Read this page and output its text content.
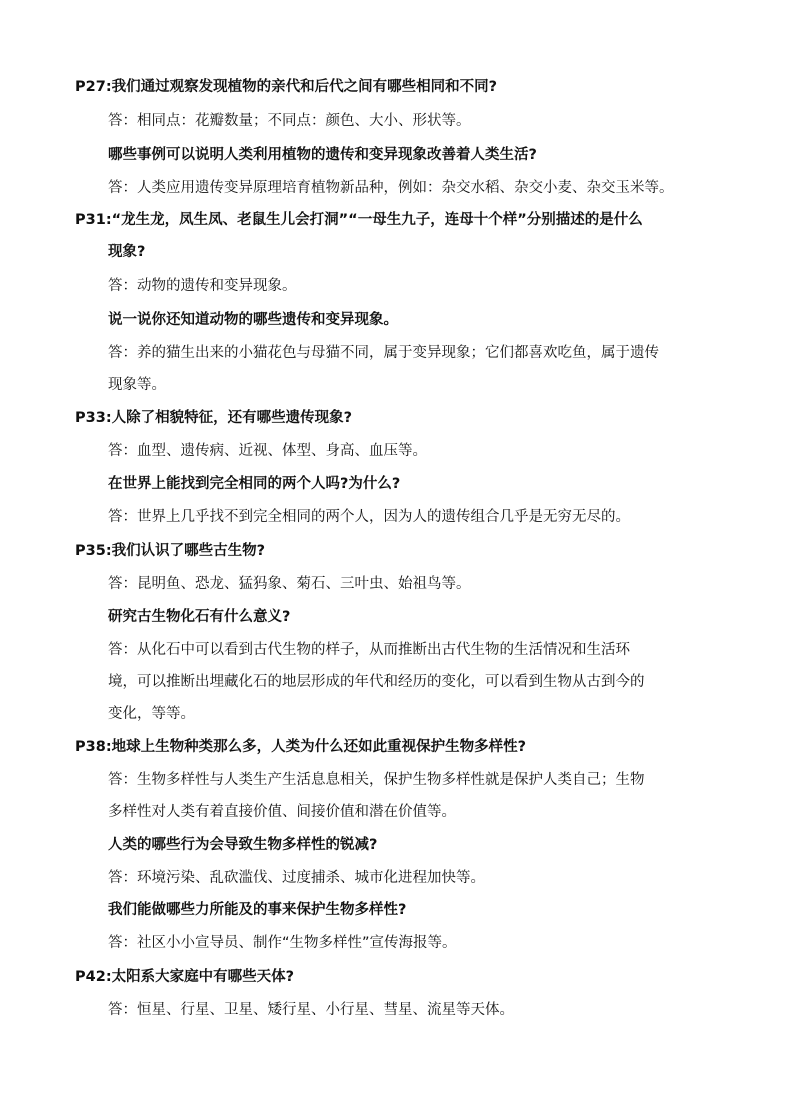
P27:我们通过观察发现植物的亲代和后代之间有哪些相同和不同?
答：相同点：花瓣数量；不同点：颜色、大小、形状等。
哪些事例可以说明人类利用植物的遗传和变异现象改善着人类生活?
答：人类应用遗传变异原理培育植物新品种，例如：杂交水稻、杂交小麦、杂交玉米等。
P31:“龙生龙，凤生凤、老鼠生儿会打洞”“一母生九子，连母十个样”分别描述的是什么
现象?
答：动物的遗传和变异现象。
说一说你还知道动物的哪些遗传和变异现象。
答：养的猫生出来的小猫花色与母猫不同，属于变异现象；它们都喜欢吃鱼，属于遗传
现象等。
P33:人除了相貌特征，还有哪些遗传现象?
答：血型、遗传病、近视、体型、身高、血压等。
在世界上能找到完全相同的两个人吗?为什么?
答：世界上几乎找不到完全相同的两个人，因为人的遗传组合几乎是无穷无尽的。
P35:我们认识了哪些古生物?
答：昆明鱼、恐龙、猛犸象、菊石、三叶虫、始祖鸟等。
研究古生物化石有什么意义?
答：从化石中可以看到古代生物的样子，从而推断出古代生物的生活情况和生活环
境，可以推断出埋藏化石的地层形成的年代和经历的变化，可以看到生物从古到今的
变化，等等。
P38:地球上生物种类那么多，人类为什么还如此重视保护生物多样性?
答：生物多样性与人类生产生活息息相关，保护生物多样性就是保护人类自己；生物
多样性对人类有着直接价值、间接价值和潜在价值等。
人类的哪些行为会导致生物多样性的锐减?
答：环境污染、乱砍滥伐、过度捕杀、城市化进程加快等。
我们能做哪些力所能及的事来保护生物多样性?
答：社区小小宣导员、制作“生物多样性”宣传海报等。
P42:太阳系大家庭中有哪些天体?
答：恒星、行星、卫星、矮行星、小行星、彗星、流星等天体。
